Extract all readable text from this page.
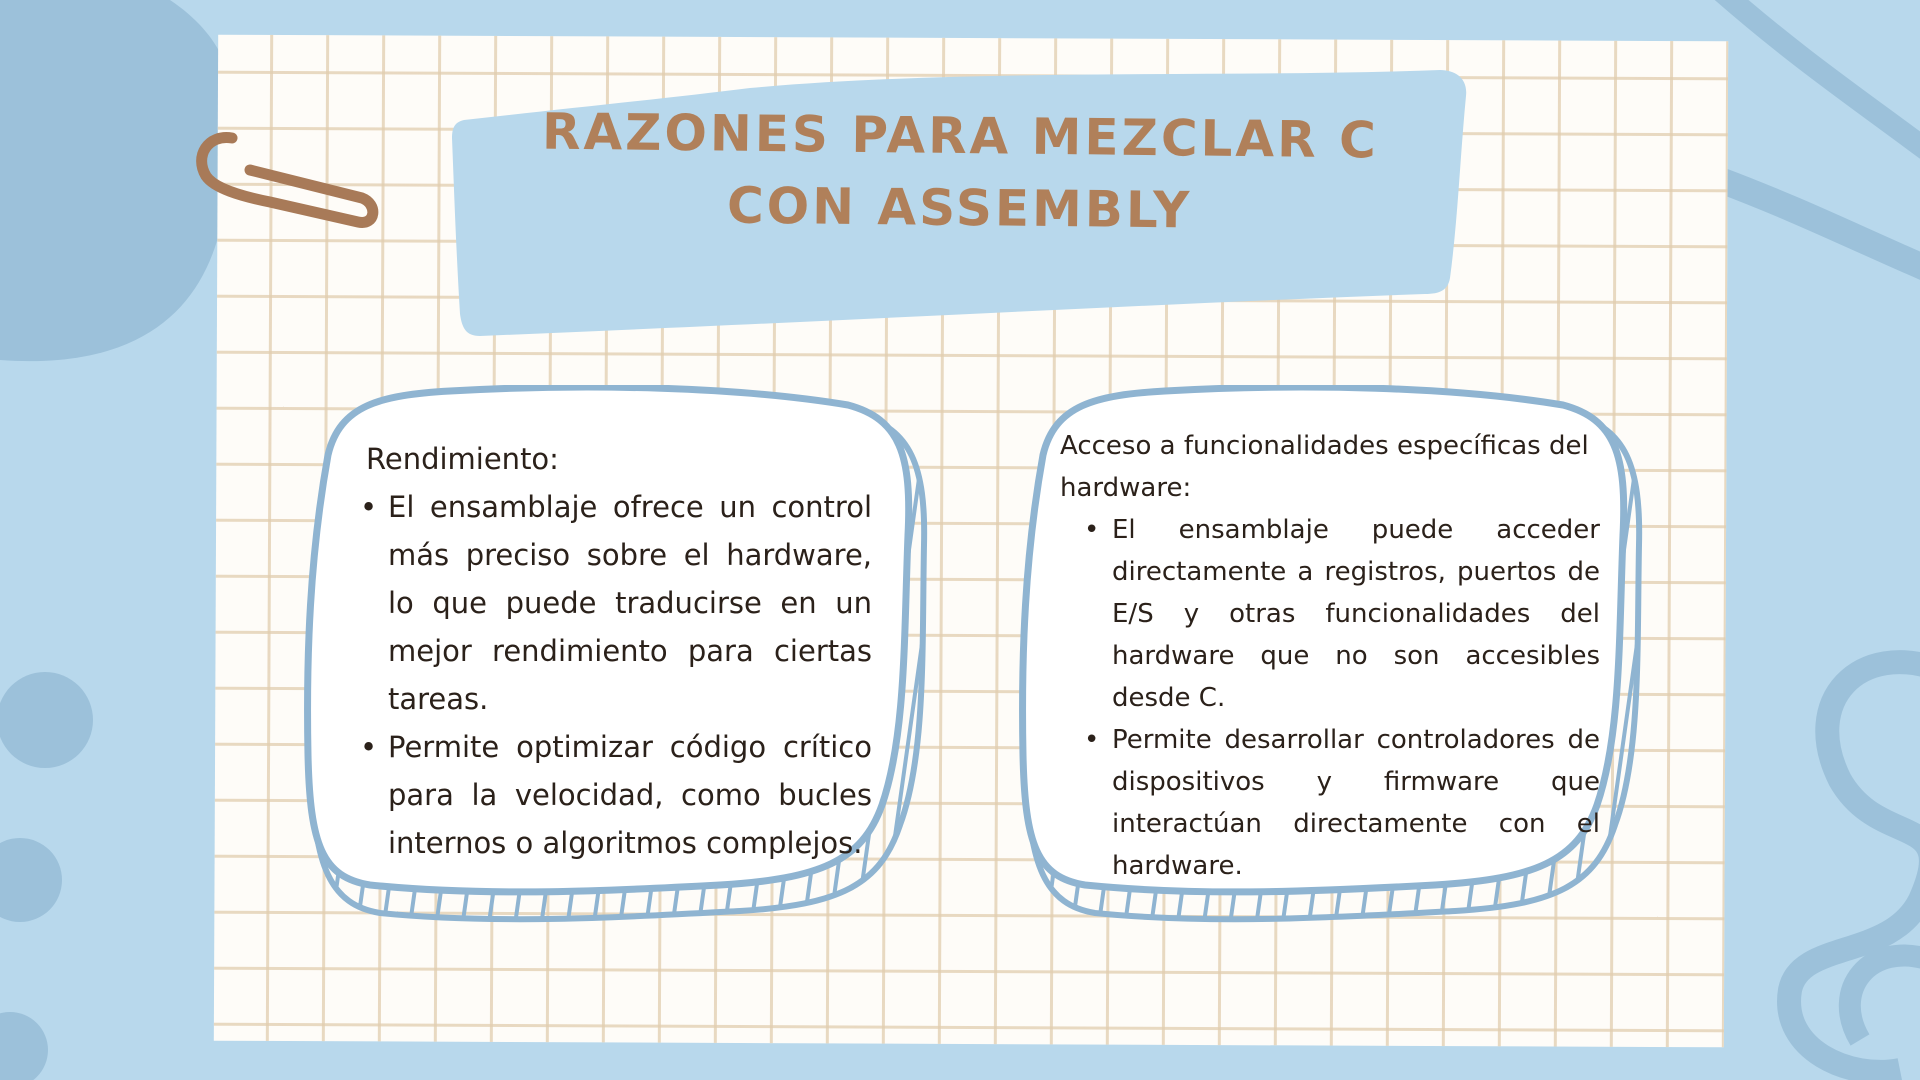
RAZONES PARA MEZCLAR C CON ASSEMBLY
Rendimiento:
• El ensamblaje ofrece un control más preciso sobre el hardware, lo que puede traducirse en un mejor rendimiento para ciertas tareas.
• Permite optimizar código crítico para la velocidad, como bucles internos o algoritmos complejos.
Acceso a funcionalidades específicas del hardware:
• El ensamblaje puede acceder directamente a registros, puertos de E/S y otras funcionalidades del hardware que no son accesibles desde C.
• Permite desarrollar controladores de dispositivos y firmware que interactúan directamente con el hardware.
